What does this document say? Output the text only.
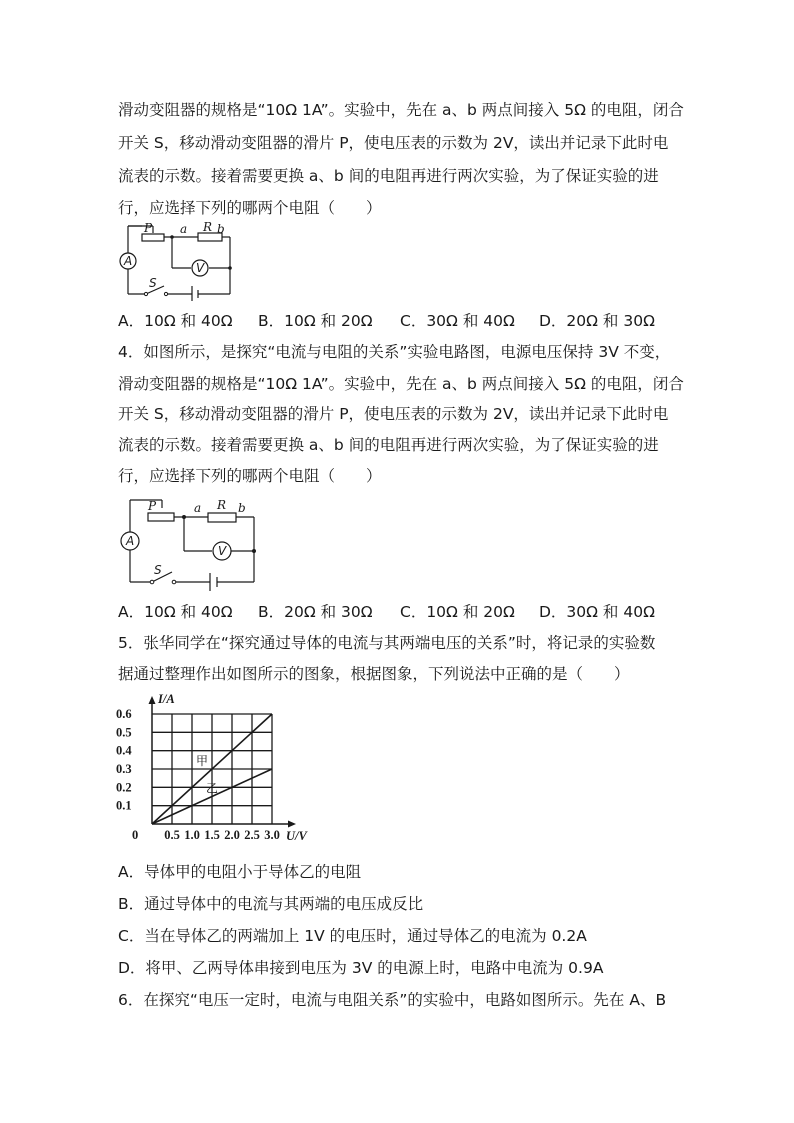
滑动变阻器的规格是“10Ω 1A”。实验中，先在 a、b 两点间接入 5Ω 的电阻，闭合
开关 S，移动滑动变阻器的滑片 P，使电压表的示数为 2V，读出并记录下此时电
流表的示数。接着需要更换 a、b 间的电阻再进行两次实验，为了保证实验的进
行，应选择下列的哪两个电阻（　　）
P a R b
A	V
S
A．10Ω 和 40Ω B．10Ω 和 20Ω C．30Ω 和 40Ω D．20Ω 和 30Ω
4．如图所示，是探究“电流与电阻的关系”实验电路图，电源电压保持 3V 不变，
滑动变阻器的规格是“10Ω 1A”。实验中，先在 a、b 两点间接入 5Ω 的电阻，闭合
开关 S，移动滑动变阻器的滑片 P，使电压表的示数为 2V，读出并记录下此时电
流表的示数。接着需要更换 a、b 间的电阻再进行两次实验，为了保证实验的进
行，应选择下列的哪两个电阻（　　）
P	a R b
A
V
S
A．10Ω 和 40Ω B．20Ω 和 30Ω C．10Ω 和 20Ω D．30Ω 和 40Ω
5．张华同学在“探究通过导体的电流与其两端电压的关系”时，将记录的实验数
据通过整理作出如图所示的图象，根据图象，下列说法中正确的是（　　）
甲
乙
0.5 1.0 1.5 2.0 2.5 3.0
0.1
0.2
0.3
0.4
0.5
0.6
0	U/V
I/A
A．导体甲的电阻小于导体乙的电阻
B．通过导体中的电流与其两端的电压成反比
C．当在导体乙的两端加上 1V 的电压时，通过导体乙的电流为 0.2A
D．将甲、乙两导体串接到电压为 3V 的电源上时，电路中电流为 0.9A
6．在探究“电压一定时，电流与电阻关系”的实验中，电路如图所示。先在 A、B
